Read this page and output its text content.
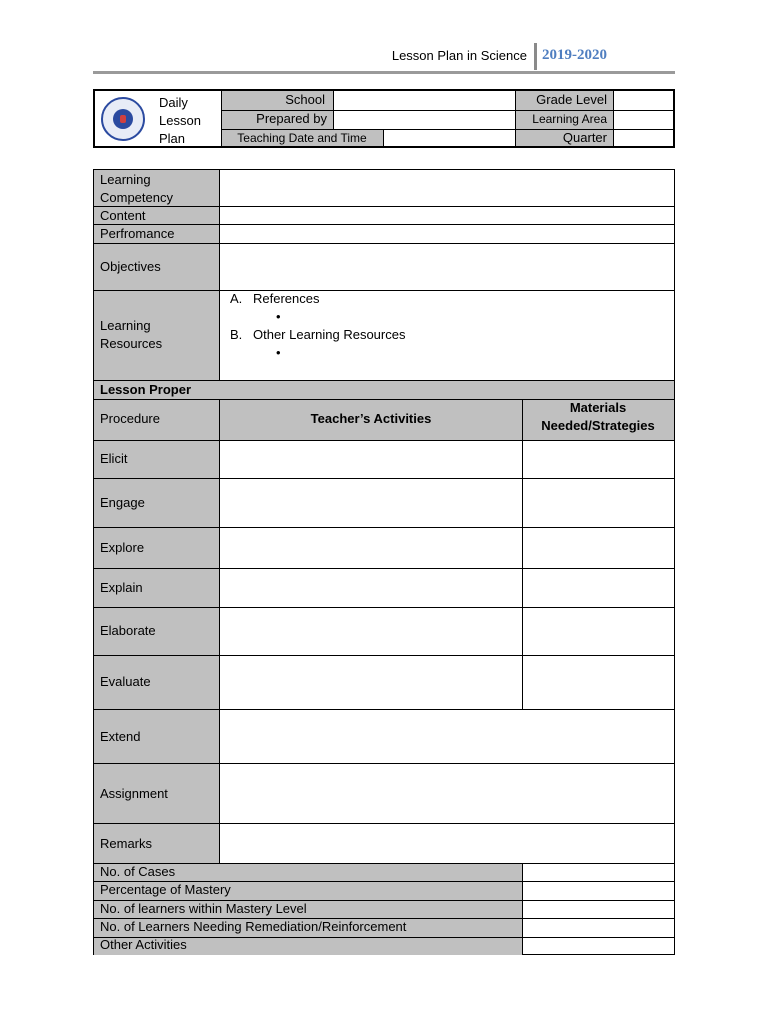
Lesson Plan in Science 2019-2020
Daily
Lesson
Plan
School
Prepared by
Teaching Date and Time
Grade Level
Learning Area
Quarter
Learning Competency
Content
Perfromance
Objectives
Learning Resources
A. References
•
B. Other Learning Resources
•
Lesson Proper
Procedure	Teacher’s Activities
Materials Needed/Strategies
Elicit
Engage
Explore
Explain
Elaborate
Evaluate
Extend
Assignment
Remarks
No. of Cases
Percentage of Mastery
No. of learners within Mastery Level
No. of Learners Needing Remediation/Reinforcement
Other Activities
